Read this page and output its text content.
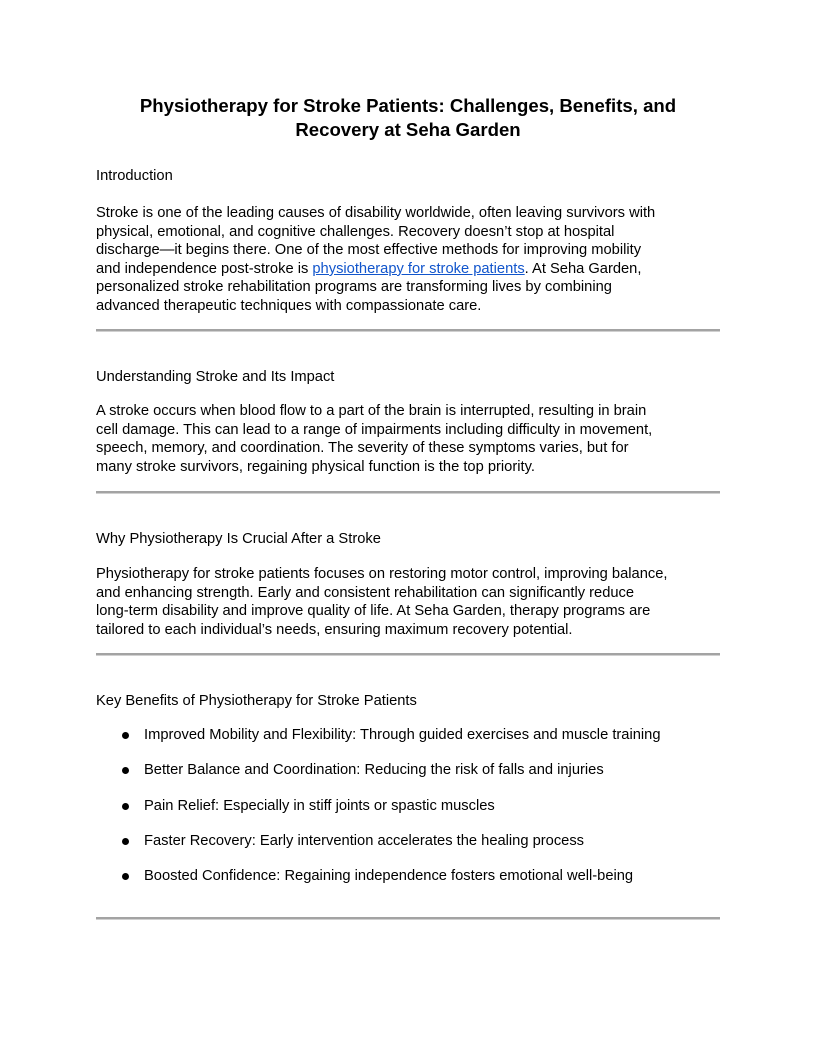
Physiotherapy for Stroke Patients: Challenges, Benefits, and
Recovery at Seha Garden
Introduction
Stroke is one of the leading causes of disability worldwide, often leaving survivors with
physical, emotional, and cognitive challenges. Recovery doesn’t stop at hospital
discharge—it begins there. One of the most effective methods for improving mobility
and independence post-stroke is physiotherapy for stroke patients. At Seha Garden,
personalized stroke rehabilitation programs are transforming lives by combining
advanced therapeutic techniques with compassionate care.
Understanding Stroke and Its Impact
A stroke occurs when blood flow to a part of the brain is interrupted, resulting in brain
cell damage. This can lead to a range of impairments including difficulty in movement,
speech, memory, and coordination. The severity of these symptoms varies, but for
many stroke survivors, regaining physical function is the top priority.
Why Physiotherapy Is Crucial After a Stroke
Physiotherapy for stroke patients focuses on restoring motor control, improving balance,
and enhancing strength. Early and consistent rehabilitation can significantly reduce
long-term disability and improve quality of life. At Seha Garden, therapy programs are
tailored to each individual’s needs, ensuring maximum recovery potential.
Key Benefits of Physiotherapy for Stroke Patients
Improved Mobility and Flexibility: Through guided exercises and muscle training
Better Balance and Coordination: Reducing the risk of falls and injuries
Pain Relief: Especially in stiff joints or spastic muscles
Faster Recovery: Early intervention accelerates the healing process
Boosted Confidence: Regaining independence fosters emotional well-being
